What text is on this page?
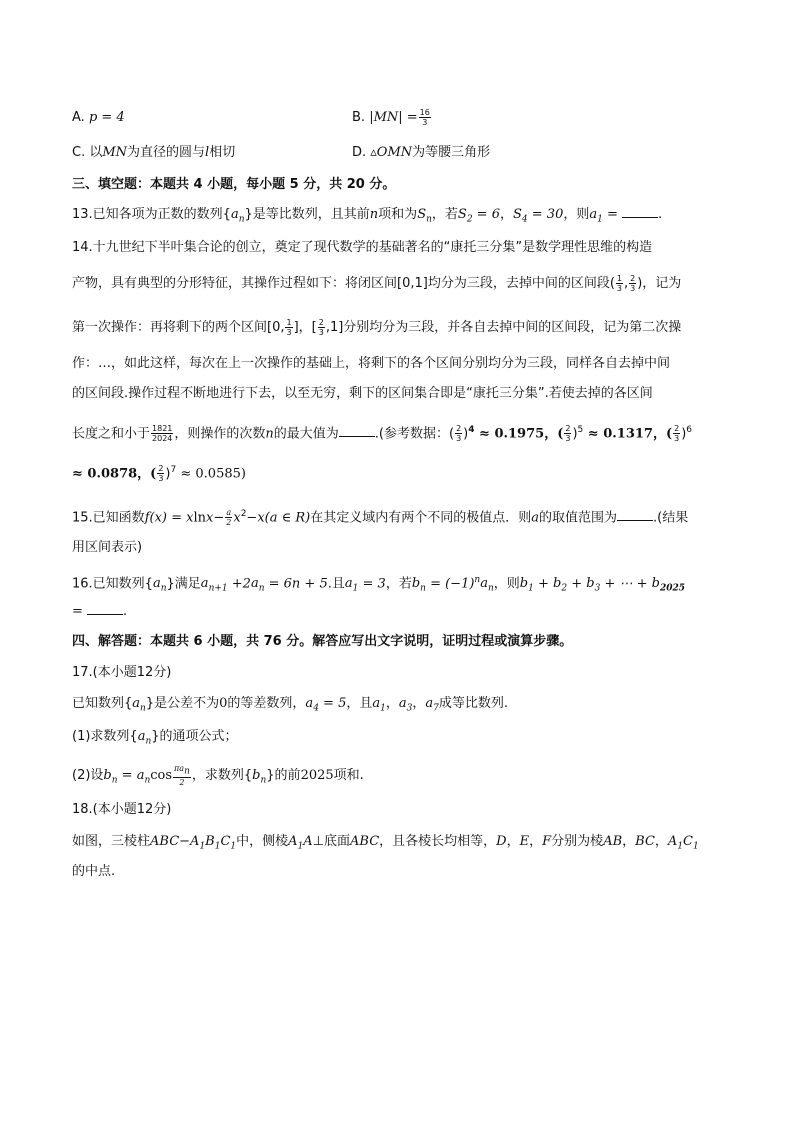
A. p = 4	B. $|MN| = \frac{16}{3}$
C. 以MN为直径的圆与l相切	D. ▵OMN为等腰三角形
三、填空题：本题共 4 小题，每小题 5 分，共 20 分。
13.已知各项为正数的数列$\{a_n\}$是等比数列，且其前n项和为$S_n$，若$S_2 = 6$，$S_4 = 30$，则$a_1$ =	.
14.十九世纪下半叶集合论的创立，奠定了现代数学的基础著名的“康托三分集”是数学理性思维的构造
产物，具有典型的分形特征，其操作过程如下：将闭区间[0,1]均分为三段，去掉中间的区间段( $\frac{1}{3}$ , $\frac{2}{3}$ )，记为
第一次操作：再将剩下的两个区间[0, $\frac{1}{3}$ ]，[ $\frac{2}{3} ,1$]分别均分为三段，并各自去掉中间的区间段，记为第二次操
作：…，如此这样，每次在上一次操作的基础上，将剩下的各个区间分别均分为三段，同样各自去掉中间
的区间段.操作过程不断地进行下去，以至无穷，剩下的区间集合即是“康托三分集”.若使去掉的各区间
长度之和小于 $\frac{1821}{2024}$ ，则操作的次数n的最大值为	.(参考数据：( $\frac{2}{3} )^4 \approx 0.1975$，( $\frac{2}{3} )^5 \approx 0.1317$，( $\frac{2}{3} )^6$
≈ 0.0878，( $\frac{2}{3} )^7 \approx 0.0585$)
15.已知函数$f(x) = xlnx- \frac{a}{2} x^2-x(a$ ∈ R)在其定义域内有两个不同的极值点．则a的取值范围为	.(结果
用区间表示)
16.已知数列$\{a_n\}$满足$a_{n+1} +2a_n = 6n + 5$.且$a_1 = 3$，若$b_n = (-1)^na_n$，则$b_1 + b_2 + b_3$ + ⋯ + $b_{2025}$
=	.
四、解答题：本题共 6 小题，共 76 分。解答应写出文字说明，证明过程或演算步骤。
17.(本小题12分)
已知数列$\{a_n\}$是公差不为0的等差数列，$a_4 = 5$，且$a_1$，$a_3$，$a_7$成等比数列.
(1)求数列$\{a_n\}$的通项公式；
(2)设$b_n = a_n\cos \frac{\pi a_n}{2}$ ，求数列$\{b_n\}$的前2025项和.
18.(本小题12分)
如图，三棱柱$ABC-A_1B_1C_1$中，侧棱$A_1A\perp$底面ABC，且各棱长均相等，D，E，F分别为棱AB，BC，$A_1C_1$
的中点.
